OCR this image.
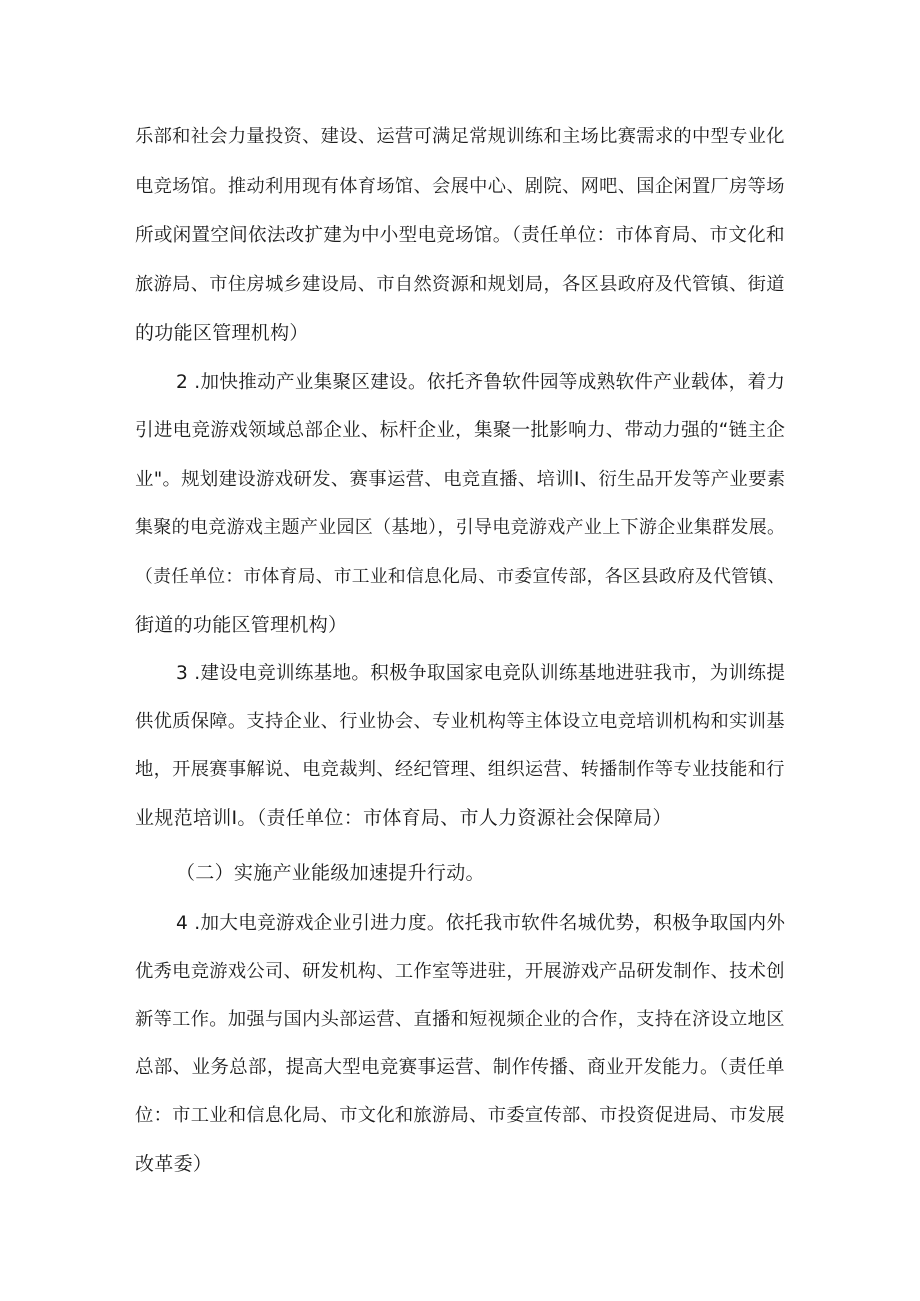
乐部和社会力量投资、建设、运营可满足常规训练和主场比赛需求的中型专业化
电竞场馆。推动利用现有体育场馆、会展中心、剧院、网吧、国企闲置厂房等场
所或闲置空间依法改扩建为中小型电竞场馆。（责任单位：市体育局、市文化和
旅游局、市住房城乡建设局、市自然资源和规划局，各区县政府及代管镇、街道
的功能区管理机构）
2 .加快推动产业集聚区建设。依托齐鲁软件园等成熟软件产业载体，着力
引进电竞游戏领域总部企业、标杆企业，集聚一批影响力、带动力强的“链主企
业"。规划建设游戏研发、赛事运营、电竞直播、培训I、衍生品开发等产业要素
集聚的电竞游戏主题产业园区（基地），引导电竞游戏产业上下游企业集群发展。
（责任单位：市体育局、市工业和信息化局、市委宣传部，各区县政府及代管镇、
街道的功能区管理机构）
3 .建设电竞训练基地。积极争取国家电竞队训练基地进驻我市，为训练提
供优质保障。支持企业、行业协会、专业机构等主体设立电竞培训机构和实训基
地，开展赛事解说、电竞裁判、经纪管理、组织运营、转播制作等专业技能和行
业规范培训I。（责任单位：市体育局、市人力资源社会保障局）
（二）实施产业能级加速提升行动。
4 .加大电竞游戏企业引进力度。依托我市软件名城优势，积极争取国内外
优秀电竞游戏公司、研发机构、工作室等进驻，开展游戏产品研发制作、技术创
新等工作。加强与国内头部运营、直播和短视频企业的合作，支持在济设立地区
总部、业务总部，提高大型电竞赛事运营、制作传播、商业开发能力。（责任单
位：市工业和信息化局、市文化和旅游局、市委宣传部、市投资促进局、市发展
改革委）
